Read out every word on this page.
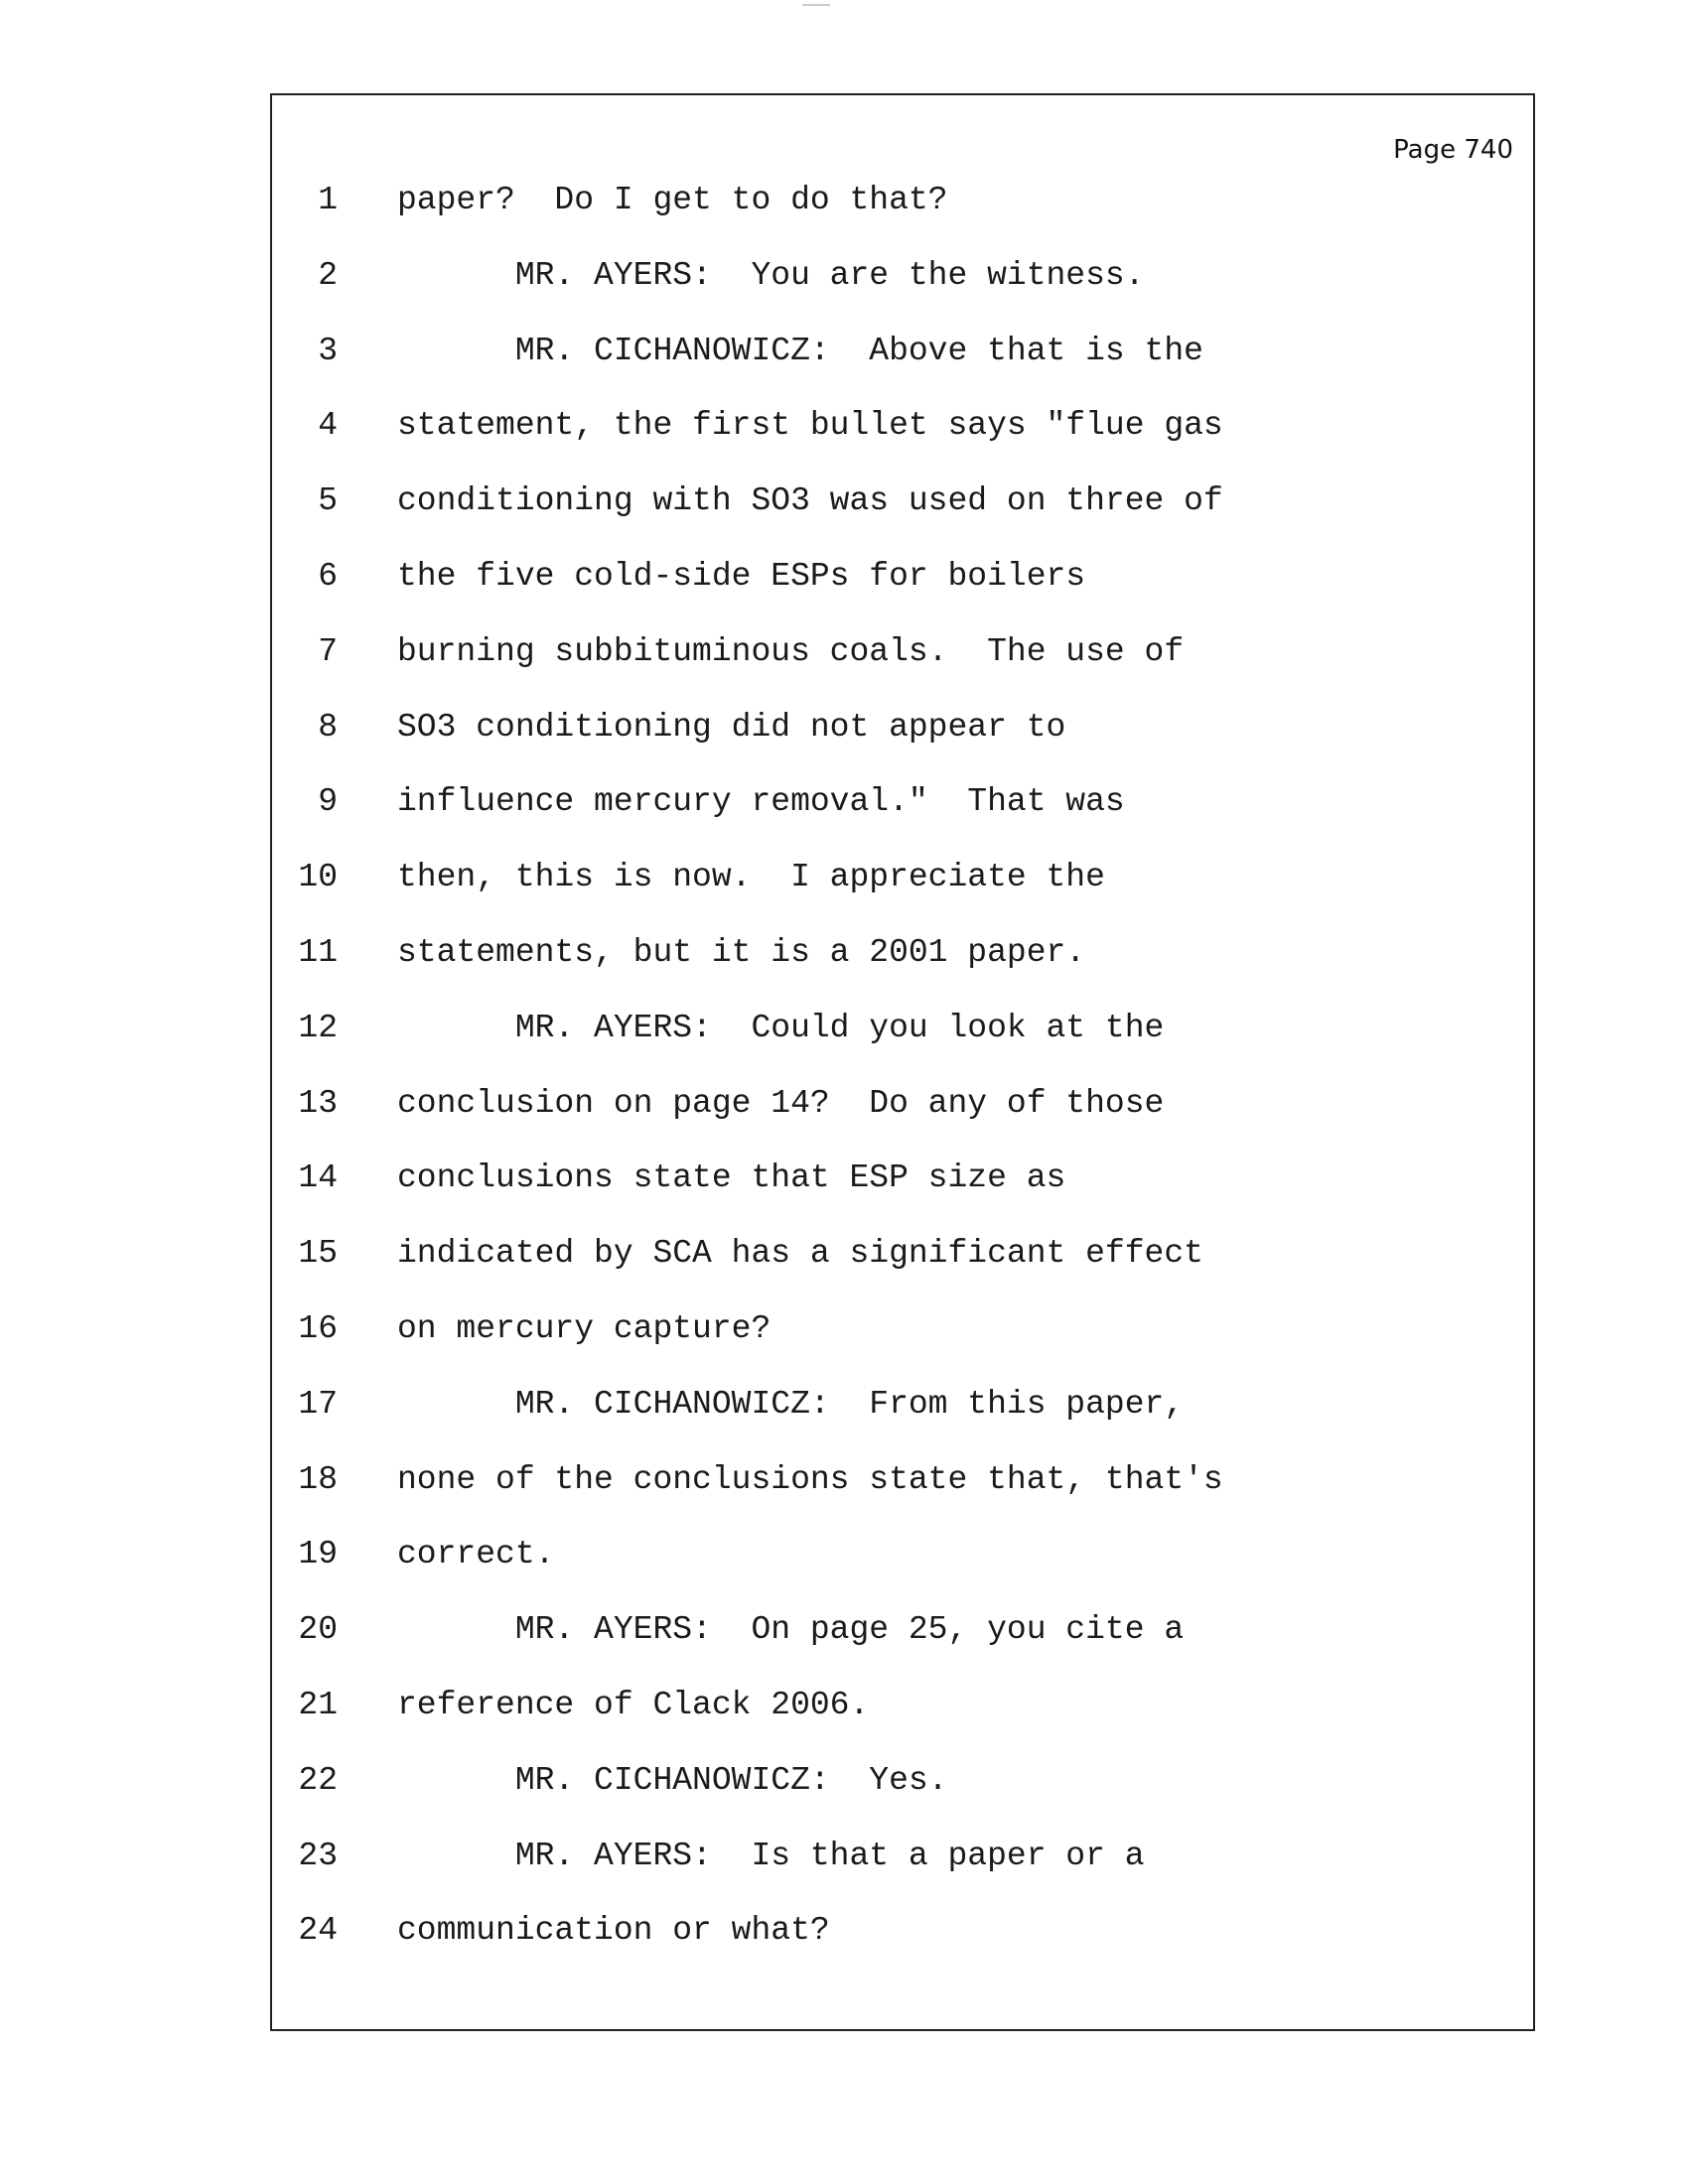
Page 740
1 paper?  Do I get to do that?
2 MR. AYERS:  You are the witness.
3 MR. CICHANOWICZ:  Above that is the
4 statement, the first bullet says "flue gas
5 conditioning with SO3 was used on three of
6 the five cold-side ESPs for boilers
7 burning subbituminous coals.  The use of
8 SO3 conditioning did not appear to
9 influence mercury removal."  That was
10 then, this is now.  I appreciate the
11 statements, but it is a 2001 paper.
12 MR. AYERS:  Could you look at the
13 conclusion on page 14?  Do any of those
14 conclusions state that ESP size as
15 indicated by SCA has a significant effect
16 on mercury capture?
17 MR. CICHANOWICZ:  From this paper,
18 none of the conclusions state that, that's
19 correct.
20 MR. AYERS:  On page 25, you cite a
21 reference of Clack 2006.
22 MR. CICHANOWICZ:  Yes.
23 MR. AYERS:  Is that a paper or a
24 communication or what?
